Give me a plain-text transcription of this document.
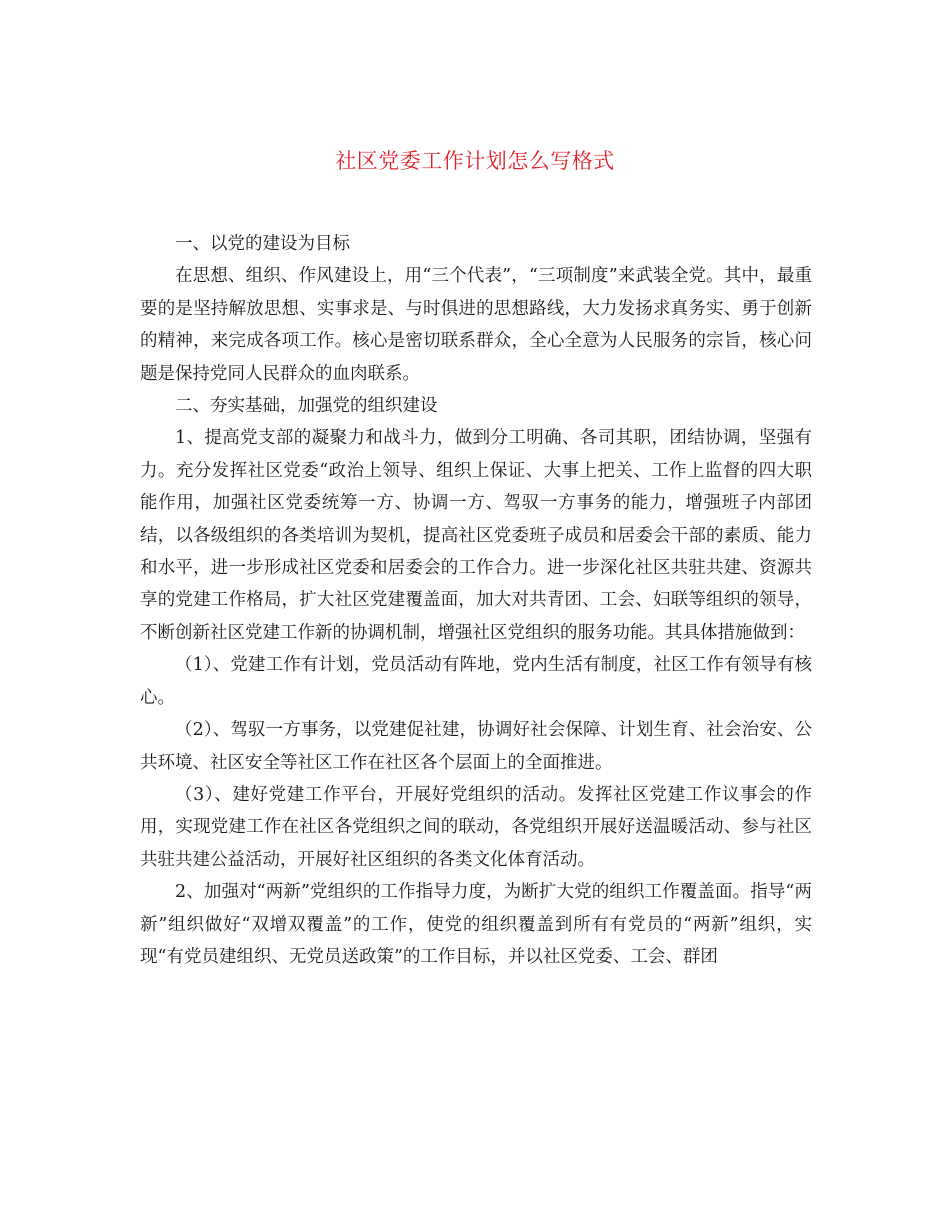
社区党委工作计划怎么写格式

一、以党的建设为目标

在思想、组织、作风建设上，用“三个代表”，“三项制度”来武装全党。其中，最重要的是坚持解放思想、实事求是、与时俱进的思想路线，大力发扬求真务实、勇于创新的精神，来完成各项工作。核心是密切联系群众，全心全意为人民服务的宗旨，核心问题是保持党同人民群众的血肉联系。

二、夯实基础，加强党的组织建设

1、提高党支部的凝聚力和战斗力，做到分工明确、各司其职，团结协调，坚强有力。充分发挥社区党委“政治上领导、组织上保证、大事上把关、工作上监督的四大职能作用，加强社区党委统筹一方、协调一方、驾驭一方事务的能力，增强班子内部团结，以各级组织的各类培训为契机，提高社区党委班子成员和居委会干部的素质、能力和水平，进一步形成社区党委和居委会的工作合力。进一步深化社区共驻共建、资源共享的党建工作格局，扩大社区党建覆盖面，加大对共青团、工会、妇联等组织的领导，不断创新社区党建工作新的协调机制，增强社区党组织的服务功能。其具体措施做到：

（1）、党建工作有计划，党员活动有阵地，党内生活有制度，社区工作有领导有核心。

（2）、驾驭一方事务，以党建促社建，协调好社会保障、计划生育、社会治安、公共环境、社区安全等社区工作在社区各个层面上的全面推进。

（3）、建好党建工作平台，开展好党组织的活动。发挥社区党建工作议事会的作用，实现党建工作在社区各党组织之间的联动，各党组织开展好送温暖活动、参与社区共驻共建公益活动，开展好社区组织的各类文化体育活动。

2、加强对“两新”党组织的工作指导力度，为断扩大党的组织工作覆盖面。指导“两新”组织做好“双增双覆盖”的工作，使党的组织覆盖到所有有党员的“两新”组织，实现“有党员建组织、无党员送政策”的工作目标，并以社区党委、工会、群团
